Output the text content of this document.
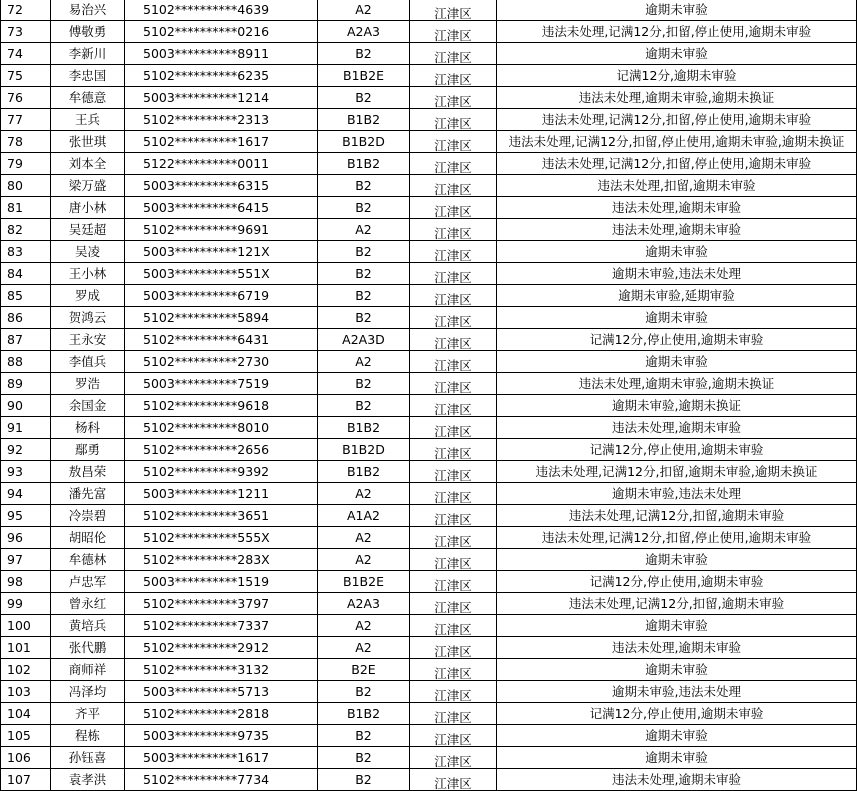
72	易治兴	5102**********4639	A2	江津区	逾期未审验
73	傅敬勇	5102**********0216	A2A3	江津区	违法未处理,记满12分,扣留,停止使用,逾期未审验
74	李新川	5003**********8911	B2	江津区	逾期未审验
75	李忠国	5102**********6235	B1B2E	江津区	记满12分,逾期未审验
76	牟德意	5003**********1214	B2	江津区	违法未处理,逾期未审验,逾期未换证
77	王兵	5102**********2313	B1B2	江津区	违法未处理,记满12分,扣留,停止使用,逾期未审验
78	张世琪	5102**********1617	B1B2D	江津区	违法未处理,记满12分,扣留,停止使用,逾期未审验,逾期未换证
79	刘本全	5122**********0011	B1B2	江津区	违法未处理,记满12分,扣留,停止使用,逾期未审验
80	梁万盛	5003**********6315	B2	江津区	违法未处理,扣留,逾期未审验
81	唐小林	5003**********6415	B2	江津区	违法未处理,逾期未审验
82	吴廷超	5102**********9691	A2	江津区	违法未处理,逾期未审验
83	吴凌	5003**********121X	B2	江津区	逾期未审验
84	王小林	5003**********551X	B2	江津区	逾期未审验,违法未处理
85	罗成	5003**********6719	B2	江津区	逾期未审验,延期审验
86	贺鸿云	5102**********5894	B2	江津区	逾期未审验
87	王永安	5102**********6431	A2A3D	江津区	记满12分,停止使用,逾期未审验
88	李值兵	5102**********2730	A2	江津区	逾期未审验
89	罗浩	5003**********7519	B2	江津区	违法未处理,逾期未审验,逾期未换证
90	余国金	5102**********9618	B2	江津区	逾期未审验,逾期未换证
91	杨科	5102**********8010	B1B2	江津区	违法未处理,逾期未审验
92	鄢勇	5102**********2656	B1B2D	江津区	记满12分,停止使用,逾期未审验
93	敖昌荣	5102**********9392	B1B2	江津区	违法未处理,记满12分,扣留,逾期未审验,逾期未换证
94	潘先富	5003**********1211	A2	江津区	逾期未审验,违法未处理
95	冷崇碧	5102**********3651	A1A2	江津区	违法未处理,记满12分,扣留,逾期未审验
96	胡昭伦	5102**********555X	A2	江津区	违法未处理,记满12分,扣留,停止使用,逾期未审验
97	牟德林	5102**********283X	A2	江津区	逾期未审验
98	卢忠军	5003**********1519	B1B2E	江津区	记满12分,停止使用,逾期未审验
99	曾永红	5102**********3797	A2A3	江津区	违法未处理,记满12分,扣留,逾期未审验
100	黄培兵	5102**********7337	A2	江津区	逾期未审验
101	张代鹏	5102**********2912	A2	江津区	违法未处理,逾期未审验
102	商师祥	5102**********3132	B2E	江津区	逾期未审验
103	冯泽均	5003**********5713	B2	江津区	逾期未审验,违法未处理
104	齐平	5102**********2818	B1B2	江津区	记满12分,停止使用,逾期未审验
105	程栋	5003**********9735	B2	江津区	逾期未审验
106	孙钰喜	5003**********1617	B2	江津区	逾期未审验
107	袁孝洪	5102**********7734	B2	江津区	违法未处理,逾期未审验
